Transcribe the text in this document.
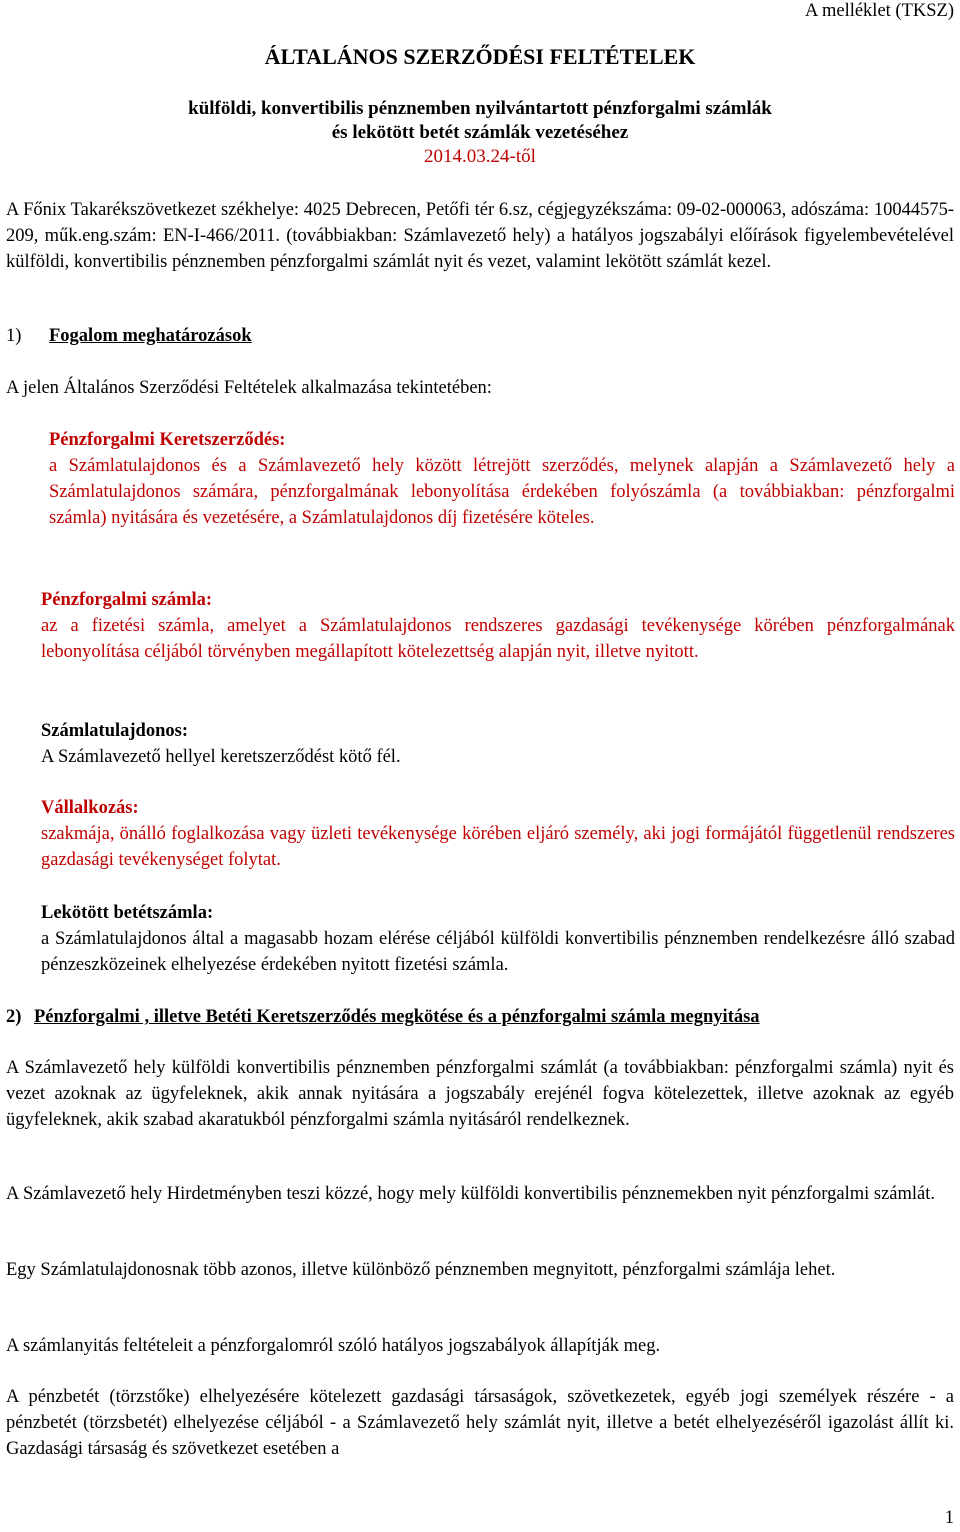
A melléklet (TKSZ)
ÁLTALÁNOS SZERZŐDÉSI FELTÉTELEK
külföldi, konvertibilis pénznemben nyilvántartott pénzforgalmi számlák
és lekötött betét számlák vezetéséhez
2014.03.24-től
A Főnix Takarékszövetkezet székhelye: 4025 Debrecen, Petőfi tér 6.sz, cégjegyzékszáma: 09-02-000063, adószáma: 10044575-209, műk.eng.szám: EN-I-466/2011. (továbbiakban: Számlavezető hely) a hatályos jogszabályi előírások figyelembevételével külföldi, konvertibilis pénznemben pénzforgalmi számlát nyit és vezet, valamint lekötött számlát kezel.
1) Fogalom meghatározások
A jelen Általános Szerződési Feltételek alkalmazása tekintetében:
Pénzforgalmi Keretszerződés:
a Számlatulajdonos és a Számlavezető hely között létrejött szerződés, melynek alapján a Számlavezető hely a Számlatulajdonos számára, pénzforgalmának lebonyolítása érdekében folyószámla (a továbbiakban: pénzforgalmi számla) nyitására és vezetésére, a Számlatulajdonos díj fizetésére köteles.
Pénzforgalmi számla:
az a fizetési számla, amelyet a Számlatulajdonos rendszeres gazdasági tevékenysége körében pénzforgalmának lebonyolítása céljából törvényben megállapított kötelezettség alapján nyit, illetve nyitott.
Számlatulajdonos:
A Számlavezető hellyel keretszerződést kötő fél.
Vállalkozás:
szakmája, önálló foglalkozása vagy üzleti tevékenysége körében eljáró személy, aki jogi formájától függetlenül rendszeres gazdasági tevékenységet folytat.
Lekötött betétszámla:
a Számlatulajdonos által a magasabb hozam elérése céljából külföldi konvertibilis pénznemben rendelkezésre álló szabad pénzeszközeinek elhelyezése érdekében nyitott fizetési számla.
2) Pénzforgalmi , illetve Betéti Keretszerződés megkötése és a pénzforgalmi számla megnyitása
A Számlavezető hely külföldi konvertibilis pénznemben pénzforgalmi számlát (a továbbiakban: pénzforgalmi számla) nyit és vezet azoknak az ügyfeleknek, akik annak nyitására a jogszabály erejénél fogva kötelezettek, illetve azoknak az egyéb ügyfeleknek, akik szabad akaratukból pénzforgalmi számla nyitásáról rendelkeznek.
A Számlavezető hely Hirdetményben teszi közzé, hogy mely külföldi konvertibilis pénznemekben nyit pénzforgalmi számlát.
Egy Számlatulajdonosnak több azonos, illetve különböző pénznemben megnyitott, pénzforgalmi számlája lehet.
A számlanyitás feltételeit a pénzforgalomról szóló hatályos jogszabályok állapítják meg.
A pénzbetét (törzstőke) elhelyezésére kötelezett gazdasági társaságok, szövetkezetek, egyéb jogi személyek részére - a pénzbetét (törzsbetét) elhelyezése céljából - a Számlavezető hely számlát nyit, illetve a betét elhelyezéséről igazolást állít ki. Gazdasági társaság és szövetkezet esetében a
1
